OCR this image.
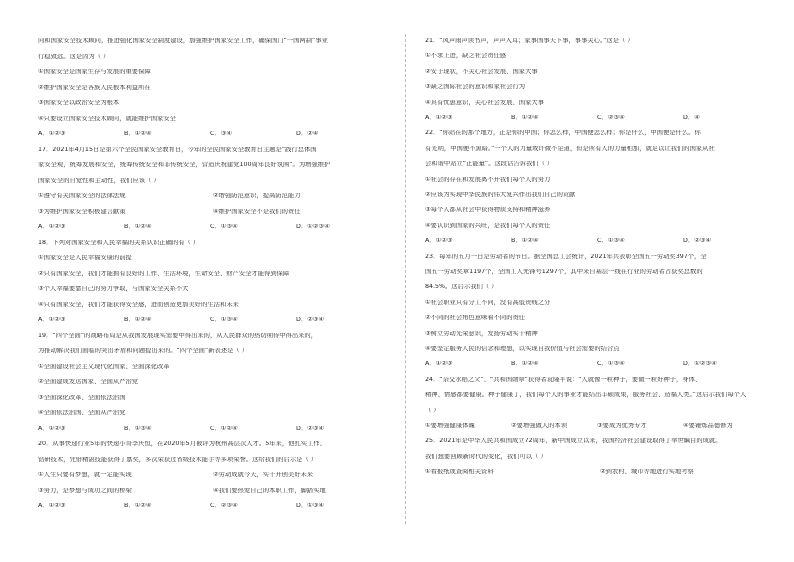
问和国家安全技术顾问，推进强化国家安全制度建设，加强维护国家安全工作，确保国门“一国两制”事业
行稳致远。这是因为（ ）
①国家安全是国家生存与发展的重要保障
②维护国家安全是各族人民根本利益所在
③国家安全以政治安全为根本
④只要设立国家安全技术顾问，就能维护国家安全
A．①②③	B．①②④	C．③④	D．②④
17．2021年4月15日是第六个全民国家安全教育日，今年的全民国家安全教育日主题是“践行总体国
家安全观，统筹发展和安全，统筹传统安全和非传统安全，营造庆祝建党100周年良好氛围”。为增强维护
国家安全的自觉性和主动性，我们应该（ ）
①遵守有关国家安全的法律法规	②增强防范意识，提高防范能力
③为维护国家安全积极建言献策	④维护国家安全不是我们的责任
A．①②③	B．①②④	C．①③④	D．①②③④
18．下列对国家安全和人民幸福的关系认识正确的有（ ）
①国家安全是人民幸福安康的前提
②只有国家安全，我们才能拥有良好的工作、生活环境，生命安全、财产安全才能得到保障
③个人幸福要靠自己的努力争取，与国家安全关系不大
④只有国家安全，我们才能获得安全感，进而创造更加美好的生活和未来
A．①②③	B．①②④	C．①③④	D．②③④
19．“四个全面”的战略布局是从我国发展现实需要中得出来的，从人民群众的热切期待中得出来的，
为推动解决我们面临的突出矛盾和问题提出来的。“四个全面”新表述是（ ）
①全面建设社会主义现代化国家、全面深化改革
②全面建成发达国家、全面从严治党
③全面深化改革、全面依法治国
④全面依法治国、全面从严治党
A．①②③	B．①③④	C．①②④	D．②③④
20．从事快递行业5年的快递小哥李庆恒，在2020年5月被评为杭州高层次人才。5年来，他扎实工作、
钻研技术，凭借精湛技能获得了嘉奖，多次荣获过省级技术能手等多项荣誉。这给我们的启示是（ ）
①人生只要有梦想，就一定能实现	②劳动成就今天，实干开创美好未来
③努力，是梦想与成功之间的桥梁	④我们要热爱自己的本职工作，脚踏实地
A．①②③	B．①②④	C．②③④	D．①③④
21．“风声雨声读书声，声声入耳；家事国事天下事，事事关心。”这是（ ）
①不求上进，缺乏社会责任感
②安于现状，不关心社会发展、国家大事
③缺乏国际社会的意识和家社会行为
④具有忧患意识，关心社会发展、国家大事
A．①②③	B．①②④	C．②③④	D．④
22．“你站在的那个地方，正是你的中国；你怎么样，中国便怎么样；你是什么，中国便是什么。你
有光明，中国便不黑暗。”一个人的力量或许微不足道，但是所有人的力量相加，就足以让我们的国家从社
会和谐中站立“正能量”。这段话告诉我们（ ）
①社会的存在和发展离不开我们每个人的努力
②应该为实现中华民族的伟大复兴作出我们自己的贡献
③每个人都从社会中获得物质支持和精神滋养
④要认识到国家的兴旺，是我们每个人的责任
A．①②③	B．①②④	C．①③④	D．②③④
23．每年的五月一日是劳动者的节日。据全国总工会统计，2021年共表彰全国五一劳动奖397个，全
国五一劳动奖章1197个，全国工人先锋号1297个，其中来自基层一线在行业的劳动者占获奖总数的
84.5%。这启示我们（ ）
①社会职业只有分工不同，没有高低贵贱之分
②不同的社会角色意味着不同的责任
③树立劳动光荣意识，发扬劳动实干精神
④要坚定服务人民的信念和理想，以实现自我价值与社会需要的结合点
A．①②③	B．①②④	C．①③④	D．①②③④
24．“杂交水稻之父”、“共和国勋章”获得者袁隆平说：“人就像一粒种子，要做一粒好种子，身体、
精神、情感都要健康。种子健康了，我们每个人的事业才能结出丰硕成果，服务社会、造福人类。”这启示我们每个人
（ ）
①要增强健康体魄	②要增强做人的本领	③要成为优秀专才	④要锤炼品德修为
25．2021年是中华人民共和国成立72周年，新中国成立以来，我国经济社会建设取得了举世瞩目的成就。
我们想要回顾新时代的变化，我们可以（ ）
①看报纸或查阅相关资料	②到农村、城市等地进行实地考察
